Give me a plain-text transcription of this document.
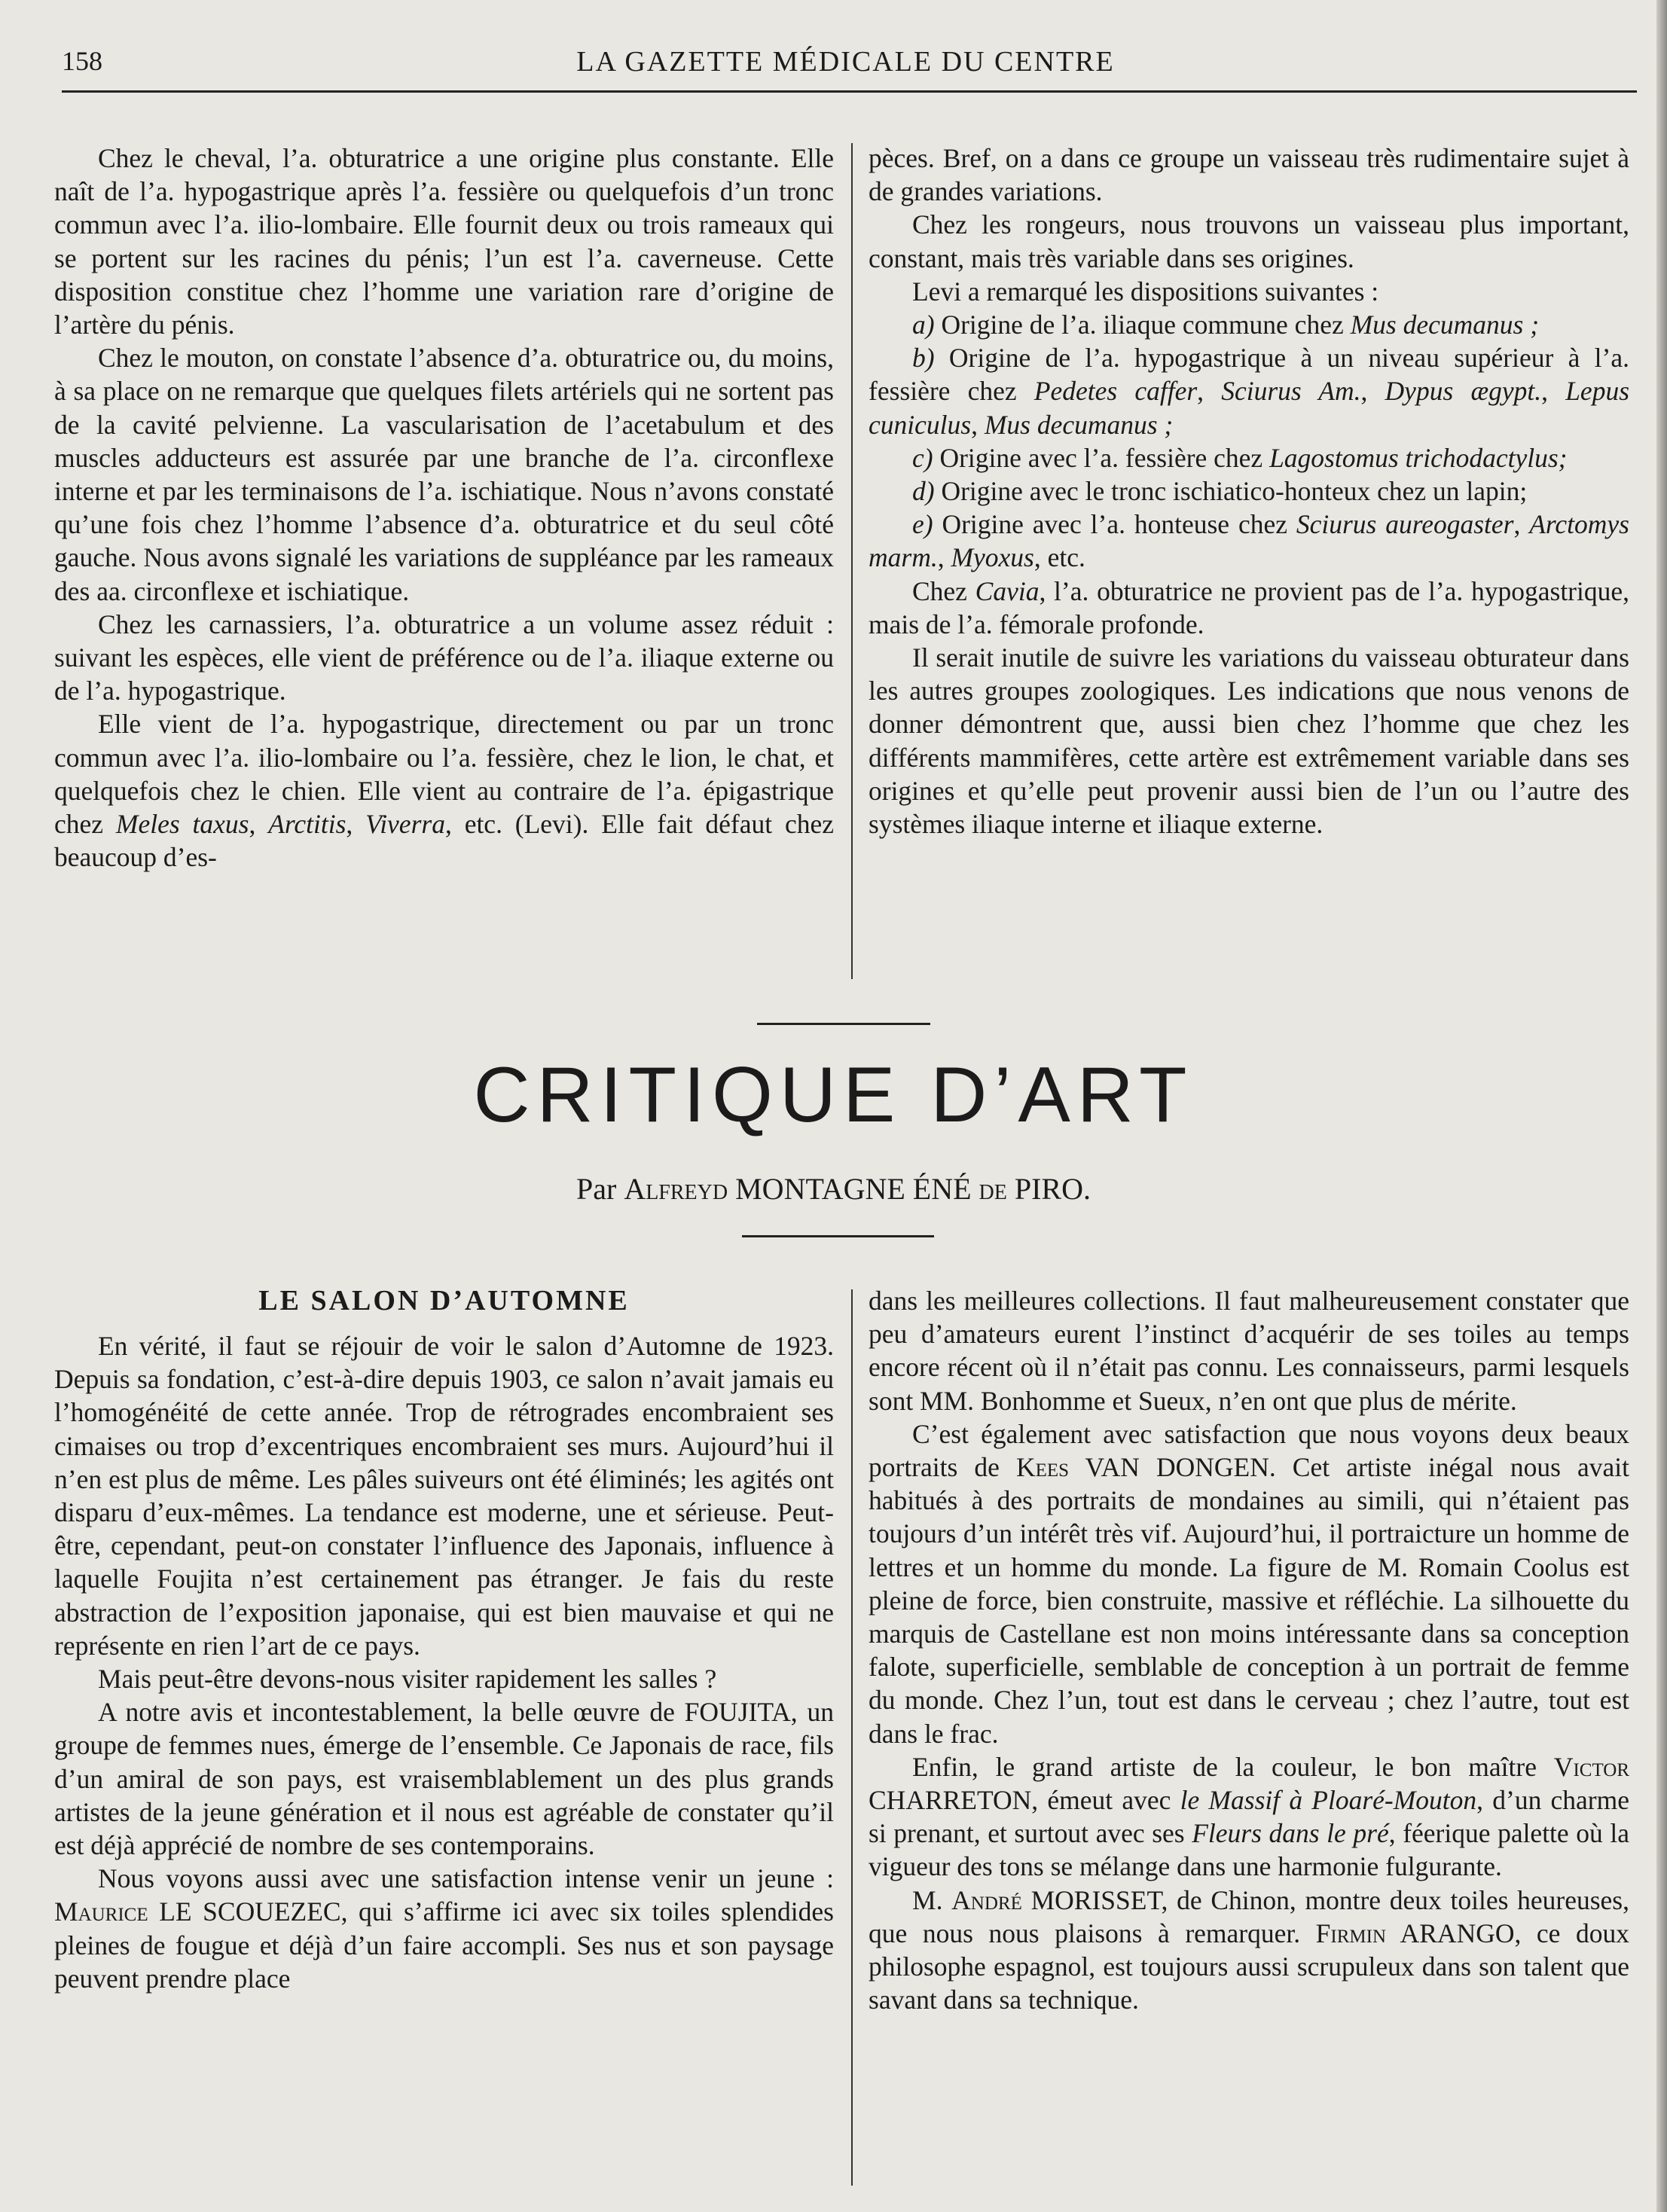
158	LA GAZETTE MÉDICALE DU CENTRE

Chez le cheval, l’a. obturatrice a une origine plus constante. Elle naît de l’a. hypogastrique après l’a. fessière ou quelquefois d’un tronc commun avec l’a. ilio-lombaire. Elle fournit deux ou trois rameaux qui se portent sur les racines du pénis; l’un est l’a. caverneuse. Cette disposition constitue chez l’homme une variation rare d’origine de l’artère du pénis.

Chez le mouton, on constate l’absence d’a. obturatrice ou, du moins, à sa place on ne remarque que quelques filets artériels qui ne sortent pas de la cavité pelvienne. La vascularisation de l’acetabulum et des muscles adducteurs est assurée par une branche de l’a. circonflexe interne et par les terminaisons de l’a. ischiatique. Nous n’avons constaté qu’une fois chez l’homme l’absence d’a. obturatrice et du seul côté gauche. Nous avons signalé les variations de suppléance par les rameaux des aa. circonflexe et ischiatique.

Chez les carnassiers, l’a. obturatrice a un volume assez réduit : suivant les espèces, elle vient de préférence ou de l’a. iliaque externe ou de l’a. hypogastrique.

Elle vient de l’a. hypogastrique, directement ou par un tronc commun avec l’a. ilio-lombaire ou l’a. fessière, chez le lion, le chat, et quelquefois chez le chien. Elle vient au contraire de l’a. épigastrique chez Meles taxus, Arctitis, Viverra, etc. (Levi). Elle fait défaut chez beaucoup d’es-

pèces. Bref, on a dans ce groupe un vaisseau très rudimentaire sujet à de grandes variations.

Chez les rongeurs, nous trouvons un vaisseau plus important, constant, mais très variable dans ses origines.

Levi a remarqué les dispositions suivantes :

a) Origine de l’a. iliaque commune chez Mus decumanus ;

b) Origine de l’a. hypogastrique à un niveau supérieur à l’a. fessière chez Pedetes caffer, Sciurus Am., Dypus ægypt., Lepus cuniculus, Mus decumanus ;

c) Origine avec l’a. fessière chez Lagostomus trichodactylus;

d) Origine avec le tronc ischiatico-honteux chez un lapin;

e) Origine avec l’a. honteuse chez Sciurus aureogaster, Arctomys marm., Myoxus, etc.

Chez Cavia, l’a. obturatrice ne provient pas de l’a. hypogastrique, mais de l’a. fémorale profonde.

Il serait inutile de suivre les variations du vaisseau obturateur dans les autres groupes zoologiques. Les indications que nous venons de donner démontrent que, aussi bien chez l’homme que chez les différents mammifères, cette artère est extrêmement variable dans ses origines et qu’elle peut provenir aussi bien de l’un ou l’autre des systèmes iliaque interne et iliaque externe.

CRITIQUE D’ART
Par Alfreyd MONTAGNE ÉNÉ de PIRO.
LE SALON D’AUTOMNE

En vérité, il faut se réjouir de voir le salon d’Automne de 1923. Depuis sa fondation, c’est-à-dire depuis 1903, ce salon n’avait jamais eu l’homogénéité de cette année. Trop de rétrogrades encombraient ses cimaises ou trop d’excentriques encombraient ses murs. Aujourd’hui il n’en est plus de même. Les pâles suiveurs ont été éliminés; les agités ont disparu d’eux-mêmes. La tendance est moderne, une et sérieuse. Peut-être, cependant, peut-on constater l’influence des Japonais, influence à laquelle Foujita n’est certainement pas étranger. Je fais du reste abstraction de l’exposition japonaise, qui est bien mauvaise et qui ne représente en rien l’art de ce pays.

Mais peut-être devons-nous visiter rapidement les salles ?

A notre avis et incontestablement, la belle œuvre de FOUJITA, un groupe de femmes nues, émerge de l’ensemble. Ce Japonais de race, fils d’un amiral de son pays, est vraisemblablement un des plus grands artistes de la jeune génération et il nous est agréable de constater qu’il est déjà apprécié de nombre de ses contemporains.

Nous voyons aussi avec une satisfaction intense venir un jeune : Maurice LE SCOUEZEC, qui s’affirme ici avec six toiles splendides pleines de fougue et déjà d’un faire accompli. Ses nus et son paysage peuvent prendre place

dans les meilleures collections. Il faut malheureusement constater que peu d’amateurs eurent l’instinct d’acquérir de ses toiles au temps encore récent où il n’était pas connu. Les connaisseurs, parmi lesquels sont MM. Bonhomme et Sueux, n’en ont que plus de mérite.

C’est également avec satisfaction que nous voyons deux beaux portraits de Kees VAN DONGEN. Cet artiste inégal nous avait habitués à des portraits de mondaines au simili, qui n’étaient pas toujours d’un intérêt très vif. Aujourd’hui, il portraicture un homme de lettres et un homme du monde. La figure de M. Romain Coolus est pleine de force, bien construite, massive et réfléchie. La silhouette du marquis de Castellane est non moins intéressante dans sa conception falote, superficielle, semblable de conception à un portrait de femme du monde. Chez l’un, tout est dans le cerveau ; chez l’autre, tout est dans le frac.

Enfin, le grand artiste de la couleur, le bon maître Victor CHARRETON, émeut avec le Massif à Ploaré-Mouton, d’un charme si prenant, et surtout avec ses Fleurs dans le pré, féerique palette où la vigueur des tons se mélange dans une harmonie fulgurante.

M. André MORISSET, de Chinon, montre deux toiles heureuses, que nous nous plaisons à remarquer. Firmin ARANGO, ce doux philosophe espagnol, est toujours aussi scrupuleux dans son talent que savant dans sa technique.
